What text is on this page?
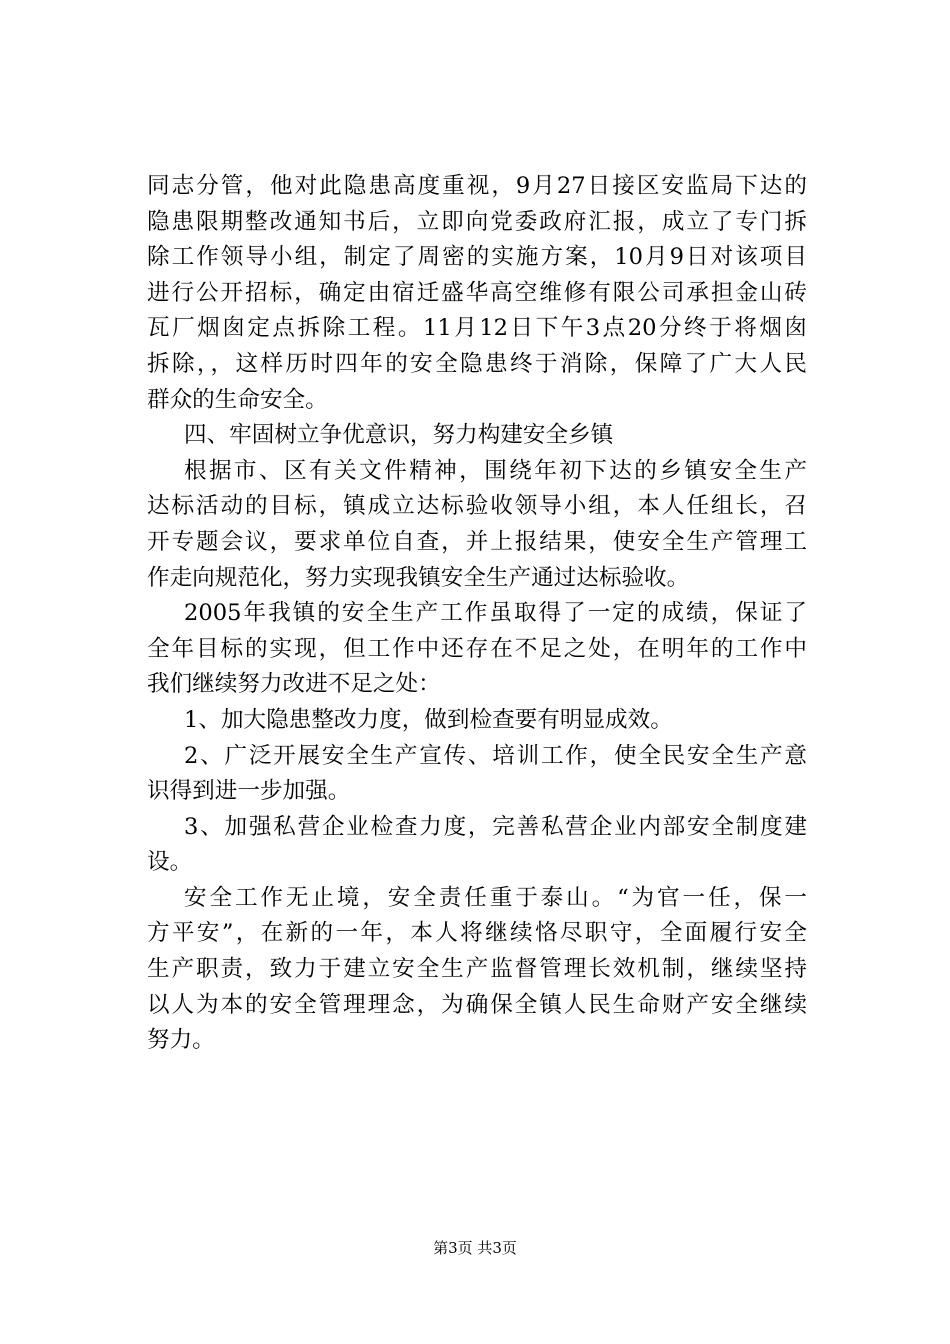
同志分管，他对此隐患高度重视，9月27日接区安监局下达的
隐患限期整改通知书后，立即向党委政府汇报，成立了专门拆
除工作领导小组，制定了周密的实施方案，10月9日对该项目
进行公开招标，确定由宿迁盛华高空维修有限公司承担金山砖
瓦厂烟囱定点拆除工程。11月12日下午3点20分终于将烟囱
拆除，，这样历时四年的安全隐患终于消除，保障了广大人民
群众的生命安全。
四、牢固树立争优意识，努力构建安全乡镇
根据市、区有关文件精神，围绕年初下达的乡镇安全生产
达标活动的目标，镇成立达标验收领导小组，本人任组长，召
开专题会议，要求单位自查，并上报结果，使安全生产管理工
作走向规范化，努力实现我镇安全生产通过达标验收。
2005年我镇的安全生产工作虽取得了一定的成绩，保证了
全年目标的实现，但工作中还存在不足之处，在明年的工作中
我们继续努力改进不足之处：
1、加大隐患整改力度，做到检查要有明显成效。
2、广泛开展安全生产宣传、培训工作，使全民安全生产意
识得到进一步加强。
3、加强私营企业检查力度，完善私营企业内部安全制度建
设。
安全工作无止境，安全责任重于泰山。“为官一任，保一
方平安”，在新的一年，本人将继续恪尽职守，全面履行安全
生产职责，致力于建立安全生产监督管理长效机制，继续坚持
以人为本的安全管理理念，为确保全镇人民生命财产安全继续
努力。
第3页 共3页
